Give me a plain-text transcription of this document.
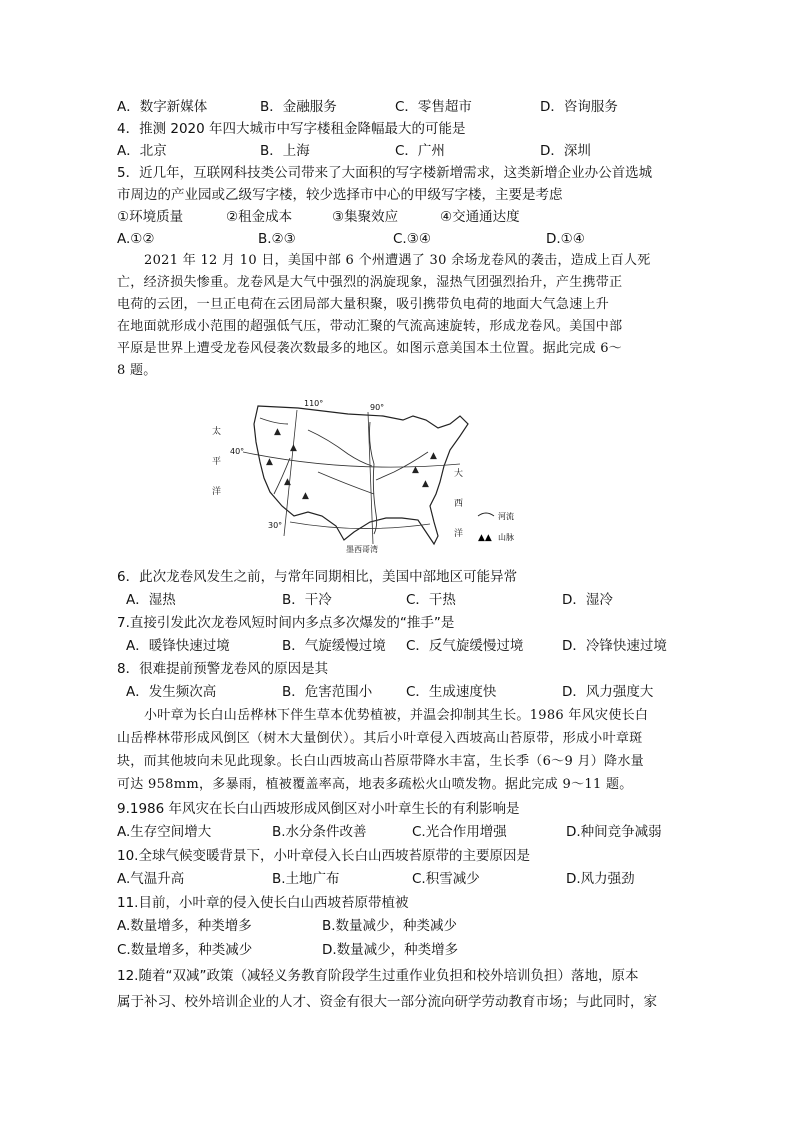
A．数字新媒体	B．金融服务	C．零售超市	D．咨询服务
4．推测 2020 年四大城市中写字楼租金降幅最大的可能是
A．北京	B．上海	C．广州	D．深圳
5．近几年，互联网科技类公司带来了大面积的写字楼新增需求，这类新增企业办公首选城
市周边的产业园或乙级写字楼，较少选择市中心的甲级写字楼，主要是考虑
①环境质量	②租金成本	③集聚效应	④交通通达度
A.①②	B.②③	C.③④	D.①④
2021 年 12 月 10 日，美国中部 6 个州遭遇了 30 余场龙卷风的袭击，造成上百人死
亡，经济损失惨重。龙卷风是大气中强烈的涡旋现象，湿热气团强烈抬升，产生携带正
电荷的云团，一旦正电荷在云团局部大量积聚，吸引携带负电荷的地面大气急速上升
在地面就形成小范围的超强低气压，带动汇聚的气流高速旋转，形成龙卷风。美国中部
平原是世界上遭受龙卷风侵袭次数最多的地区。如图示意美国本土位置。据此完成 6～
8 题。
▲
▲
▲
▲
▲
▲
▲
▲
110°	90°
40°
30°
墨西哥湾
太
平
洋
大
西
洋
河流
▲▲ 山脉
6．此次龙卷风发生之前，与常年同期相比，美国中部地区可能异常
A．湿热	B．干冷	C．干热	D．湿冷
7.直接引发此次龙卷风短时间内多点多次爆发的“推手”是
A．暖锋快速过境	B．气旋缓慢过境 C．反气旋缓慢过境	D．冷锋快速过境
8．很难提前预警龙卷风的原因是其
A．发生频次高	B．危害范围小 C．生成速度快	D．风力强度大
小叶章为长白山岳桦林下伴生草本优势植被，并温会抑制其生长。1986 年风灾使长白
山岳桦林带形成风倒区（树木大量倒伏）。其后小叶章侵入西坡高山苔原带，形成小叶章斑
块，而其他坡向未见此现象。长白山西坡高山苔原带降水丰富，生长季（6～9 月）降水量
可达 958mm，多暴雨，植被覆盖率高，地表多疏松火山喷发物。据此完成 9～11 题。
9.1986 年风灾在长白山西坡形成风倒区对小叶章生长的有利影响是
A.生存空间增大	B.水分条件改善	C.光合作用增强	D.种间竞争减弱
10.全球气候变暖背景下，小叶章侵入长白山西坡苔原带的主要原因是
A.气温升高	B.土地广布	C.积雪减少	D.风力强劲
11.目前，小叶章的侵入使长白山西坡苔原带植被
A.数量增多，种类增多	B.数量减少，种类减少
C.数量增多，种类减少	D.数量减少，种类增多
12.随着“双减”政策（减轻义务教育阶段学生过重作业负担和校外培训负担）落地，原本
属于补习、校外培训企业的人才、资金有很大一部分流向研学劳动教育市场；与此同时，家
